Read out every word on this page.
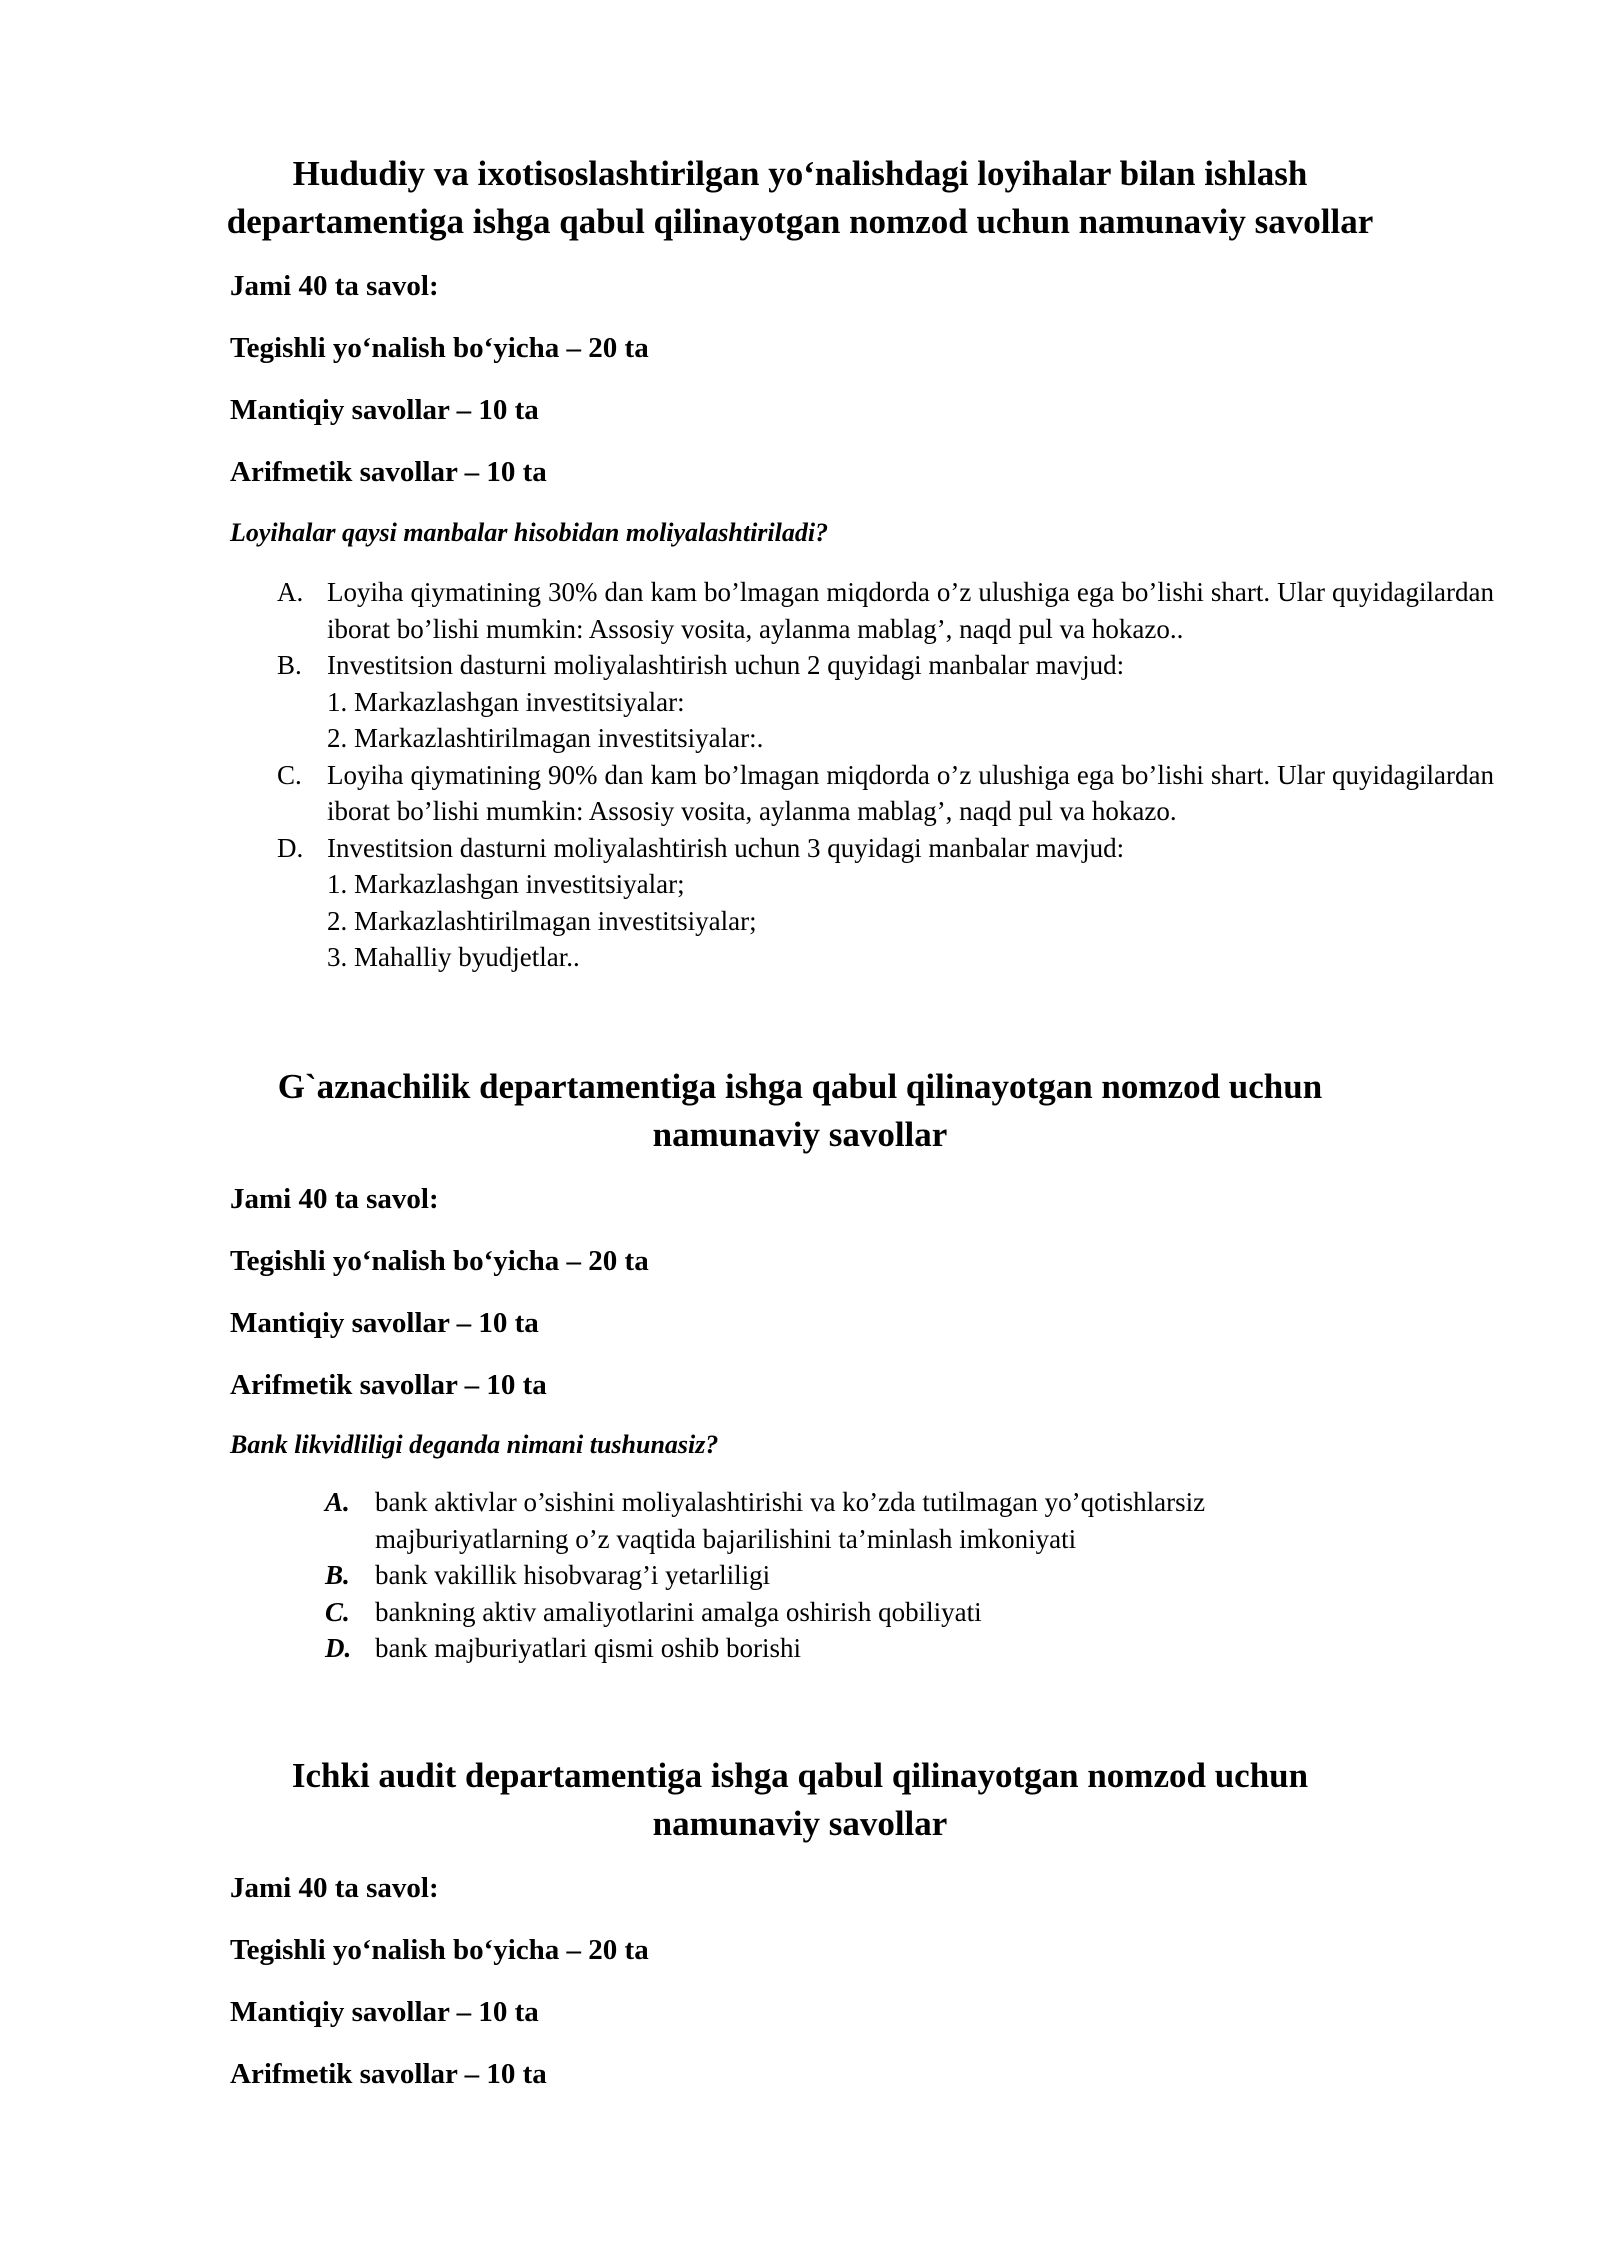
Hududiy va ixotisoslashtirilgan yo‘nalishdagi loyihalar bilan ishlash
departamentiga ishga qabul qilinayotgan nomzod uchun namunaviy savollar

Jami 40 ta savol:

Tegishli yo‘nalish bo‘yicha – 20 ta

Mantiqiy savollar – 10 ta

Arifmetik savollar – 10 ta

Loyihalar qaysi manbalar hisobidan moliyalashtiriladi?

A. Loyiha qiymatining 30% dan kam bo’lmagan miqdorda o’z ulushiga ega bo’lishi shart. Ular quyidagilardan iborat bo’lishi mumkin: Assosiy vosita, aylanma mablag’, naqd pul va hokazo..
B. Investitsion dasturni moliyalashtirish uchun 2 quyidagi manbalar mavjud:
1. Markazlashgan investitsiyalar:
2. Markazlashtirilmagan investitsiyalar:.
C. Loyiha qiymatining 90% dan kam bo’lmagan miqdorda o’z ulushiga ega bo’lishi shart. Ular quyidagilardan iborat bo’lishi mumkin: Assosiy vosita, aylanma mablag’, naqd pul va hokazo.
D. Investitsion dasturni moliyalashtirish uchun 3 quyidagi manbalar mavjud:
1. Markazlashgan investitsiyalar;
2. Markazlashtirilmagan investitsiyalar;
3. Mahalliy byudjetlar..
G`aznachilik departamentiga ishga qabul qilinayotgan nomzod uchun
namunaviy savollar

Jami 40 ta savol:

Tegishli yo‘nalish bo‘yicha – 20 ta

Mantiqiy savollar – 10 ta

Arifmetik savollar – 10 ta

Bank likvidliligi deganda nimani tushunasiz?

A. bank aktivlar o’sishini moliyalashtirishi va ko’zda tutilmagan yo’qotishlarsiz
majburiyatlarning o’z vaqtida bajarilishini ta’minlash imkoniyati
B. bank vakillik hisobvarag’i yetarliligi
C. bankning aktiv amaliyotlarini amalga oshirish qobiliyati
D. bank majburiyatlari qismi oshib borishi
Ichki audit departamentiga ishga qabul qilinayotgan nomzod uchun
namunaviy savollar

Jami 40 ta savol:

Tegishli yo‘nalish bo‘yicha – 20 ta

Mantiqiy savollar – 10 ta

Arifmetik savollar – 10 ta
